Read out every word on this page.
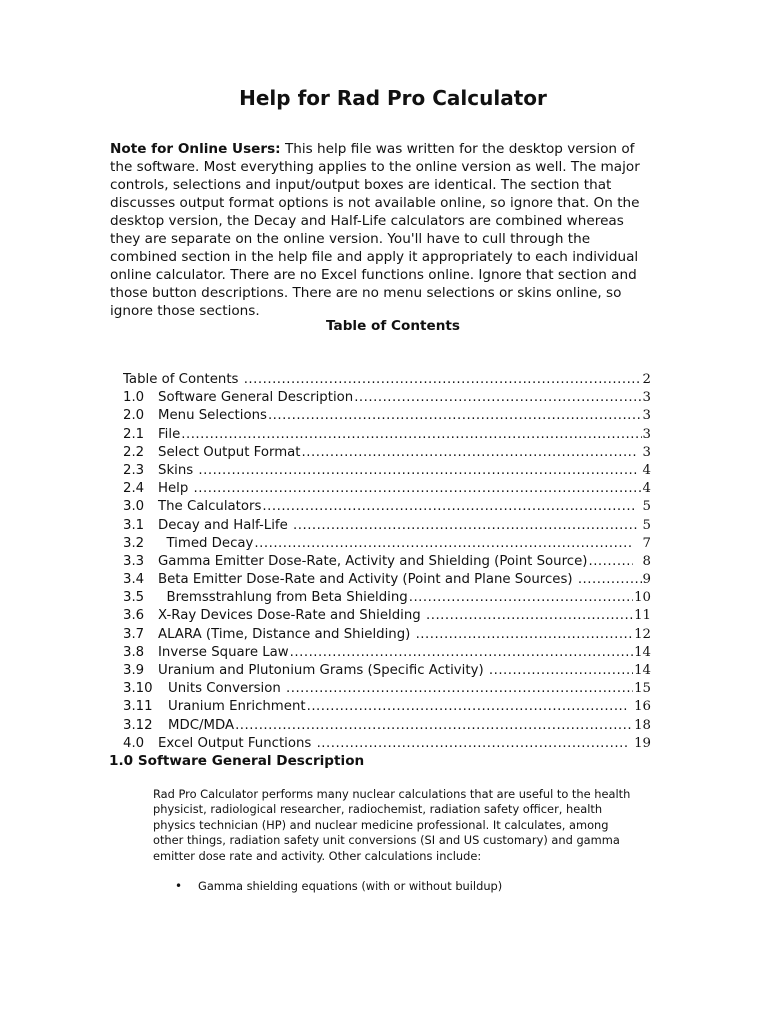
Help for Rad Pro Calculator
Note for Online Users: This help file was written for the desktop version of the software. Most everything applies to the online version as well. The major controls, selections and input/output boxes are identical. The section that discusses output format options is not available online, so ignore that. On the desktop version, the Decay and Half-Life calculators are combined whereas they are separate on the online version. You'll have to cull through the combined section in the help file and apply it appropriately to each individual online calculator. There are no Excel functions online. Ignore that section and those button descriptions. There are no menu selections or skins online, so ignore those sections.
Table of Contents
Table of Contents .....	2
1.0	Software General Description .....	3
2.0	Menu Selections .....	3
2.1	File .....	3
2.2	Select Output Format .....	3
2.3	Skins .....	4
2.4	Help .....	4
3.0	The Calculators .....	5
3.1	Decay and Half-Life .....	5
3.2	Timed Decay .....	7
3.3	Gamma Emitter Dose-Rate, Activity and Shielding (Point Source) .....	8
3.4	Beta Emitter Dose-Rate and Activity (Point and Plane Sources) .....	9
3.5	Bremsstrahlung from Beta Shielding .....	10
3.6	X-Ray Devices Dose-Rate and Shielding .....	11
3.7	ALARA (Time, Distance and Shielding) .....	12
3.8	Inverse Square Law .....	14
3.9	Uranium and Plutonium Grams (Specific Activity) .....	14
3.10	Units Conversion .....	15
3.11	Uranium Enrichment .....	16
3.12	MDC/MDA .....	18
4.0	Excel Output Functions .....	19
1.0 Software General Description
Rad Pro Calculator performs many nuclear calculations that are useful to the health physicist, radiological researcher, radiochemist, radiation safety officer, health physics technician (HP) and nuclear medicine professional. It calculates, among other things, radiation safety unit conversions (SI and US customary) and gamma emitter dose rate and activity. Other calculations include:
•	Gamma shielding equations (with or without buildup)
